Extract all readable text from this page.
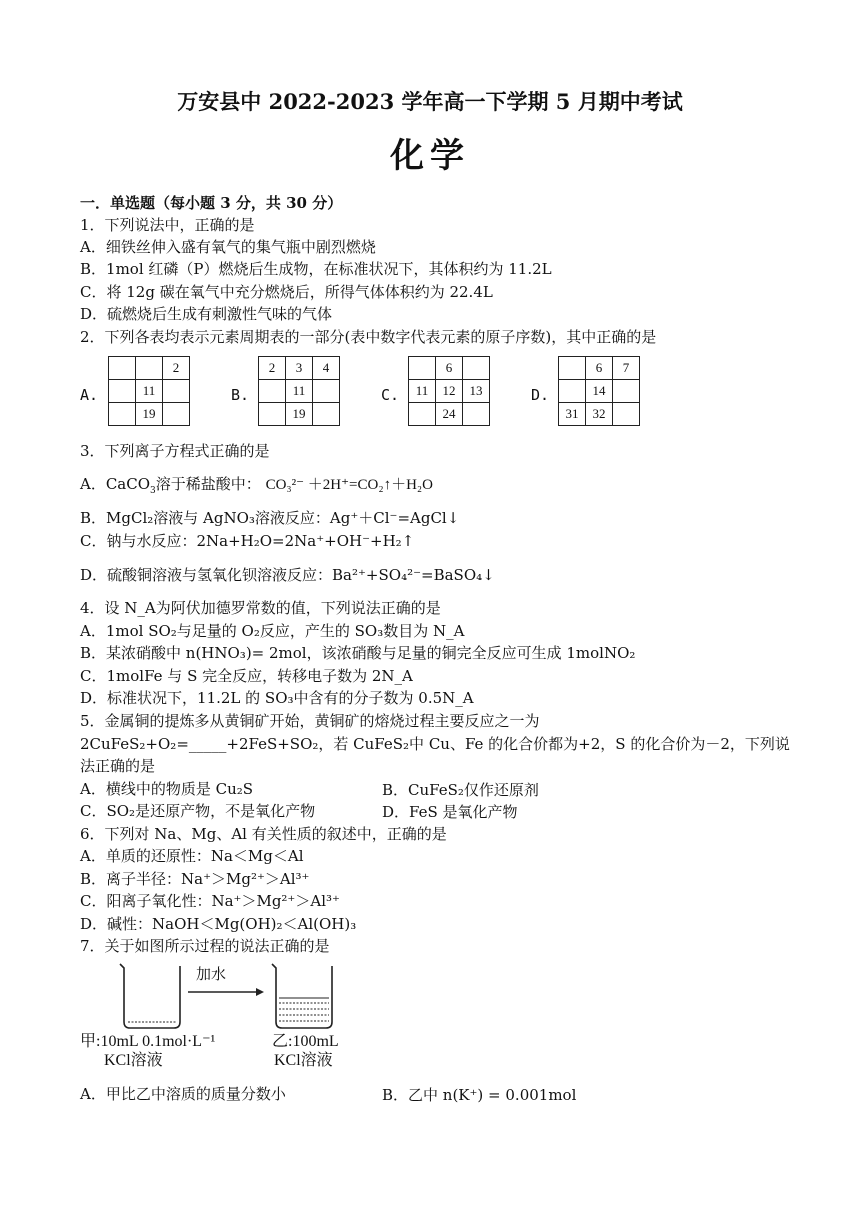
万安县中 2022-2023 学年高一下学期 5 月期中考试
化学
一．单选题（每小题 3 分，共 30 分）
1．下列说法中，正确的是
A．细铁丝伸入盛有氧气的集气瓶中剧烈燃烧
B．1mol 红磷（P）燃烧后生成物，在标准状况下，其体积约为 11.2L
C．将 12g 碳在氧气中充分燃烧后，所得气体体积约为 22.4L
D．硫燃烧后生成有刺激性气味的气体
2．下列各表均表示元素周期表的一部分(表中数字代表元素的原子序数)，其中正确的是
A.
		2
	11	
	19	
B.
2	3	4
	11	
	19	
C.
	6	
11	12	13
	24	
D.
	6	7
	14	
31	32	
3．下列离子方程式正确的是
A．CaCO$_3$溶于稀盐酸中： CO₃²⁻ ＋2H⁺=CO₂↑＋H₂O
B．MgCl₂溶液与 AgNO₃溶液反应：Ag⁺＋Cl⁻=AgCl↓
C．钠与水反应：2Na+H₂O=2Na⁺+OH⁻+H₂↑
D．硫酸铜溶液与氢氧化钡溶液反应：Ba²⁺+SO₄²⁻=BaSO₄↓
4．设 N_A为阿伏加德罗常数的值，下列说法正确的是
A．1mol SO₂与足量的 O₂反应，产生的 SO₃数目为 N_A
B．某浓硝酸中 n(HNO₃)= 2mol，该浓硝酸与足量的铜完全反应可生成 1molNO₂
C．1molFe 与 S 完全反应，转移电子数为 2N_A
D．标准状况下，11.2L 的 SO₃中含有的分子数为 0.5N_A
5．金属铜的提炼多从黄铜矿开始，黄铜矿的熔烧过程主要反应之一为
2CuFeS₂+O₂=_____+2FeS+SO₂，若 CuFeS₂中 Cu、Fe 的化合价都为+2，S 的化合价为－2，下列说
法正确的是
A．横线中的物质是 Cu₂S	B．CuFeS₂仅作还原剂
C．SO₂是还原产物，不是氧化产物	D．FeS 是氧化产物
6．下列对 Na、Mg、Al 有关性质的叙述中，正确的是
A．单质的还原性：Na＜Mg＜Al
B．离子半径：Na⁺＞Mg²⁺＞Al³⁺
C．阳离子氧化性：Na⁺＞Mg²⁺＞Al³⁺
D．碱性：NaOH＜Mg(OH)₂＜Al(OH)₃
7．关于如图所示过程的说法正确的是
加水
甲:10mL 0.1mol·L⁻¹
KCl溶液
乙:100mL
KCl溶液
A．甲比乙中溶质的质量分数小	B．乙中 n(K⁺) = 0.001mol
